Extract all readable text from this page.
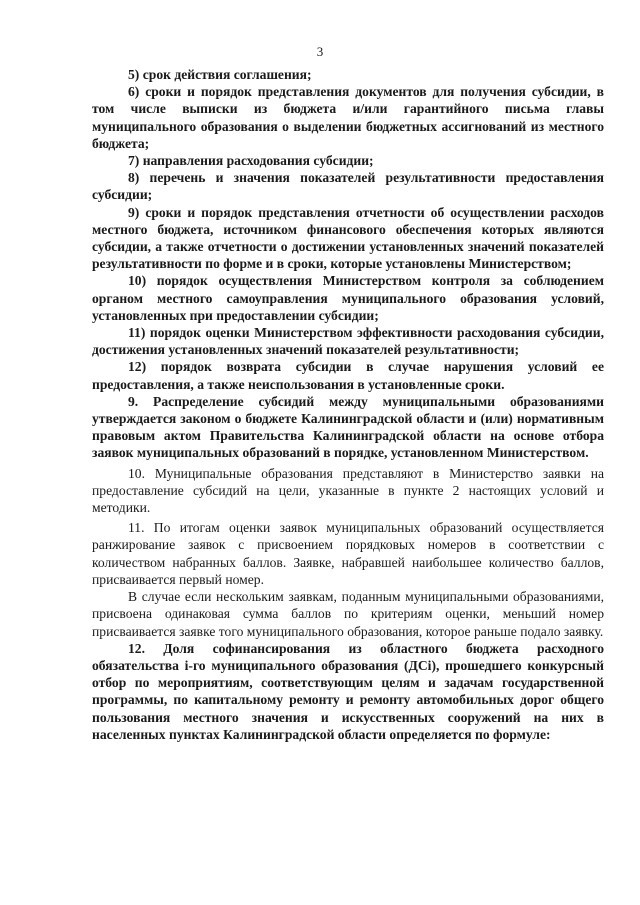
3

5) срок действия соглашения;

6) сроки и порядок представления документов для получения субсидии, в том числе выписки из бюджета и/или гарантийного письма главы муниципального образования о выделении бюджетных ассигнований из местного бюджета;

7) направления расходования субсидии;

8) перечень и значения показателей результативности предоставления субсидии;

9) сроки и порядок представления отчетности об осуществлении расходов местного бюджета, источником финансового обеспечения которых являются субсидии, а также отчетности о достижении установленных значений показателей результативности по форме и в сроки, которые установлены Министерством;

10) порядок осуществления Министерством контроля за соблюдением органом местного самоуправления муниципального образования условий, установленных при предоставлении субсидии;

11) порядок оценки Министерством эффективности расходования субсидии, достижения установленных значений показателей результативности;

12) порядок возврата субсидии в случае нарушения условий ее предоставления, а также неиспользования в установленные сроки.

9. Распределение субсидий между муниципальными образованиями утверждается законом о бюджете Калининградской области и (или) нормативным правовым актом Правительства Калининградской области на основе отбора заявок муниципальных образований в порядке, установленном Министерством.

10. Муниципальные образования представляют в Министерство заявки на предоставление субсидий на цели, указанные в пункте 2 настоящих условий и методики.

11. По итогам оценки заявок муниципальных образований осуществляется ранжирование заявок с присвоением порядковых номеров в соответствии с количеством набранных баллов. Заявке, набравшей наибольшее количество баллов, присваивается первый номер.

В случае если нескольким заявкам, поданным муниципальными образованиями, присвоена одинаковая сумма баллов по критериям оценки, меньший номер присваивается заявке того муниципального образования, которое раньше подало заявку.

12. Доля софинансирования из областного бюджета расходного обязательства i-го муниципального образования (ДСi), прошедшего конкурсный отбор по мероприятиям, соответствующим целям и задачам государственной программы, по капитальному ремонту и ремонту автомобильных дорог общего пользования местного значения и искусственных сооружений на них в населенных пунктах Калининградской области определяется по формуле:
